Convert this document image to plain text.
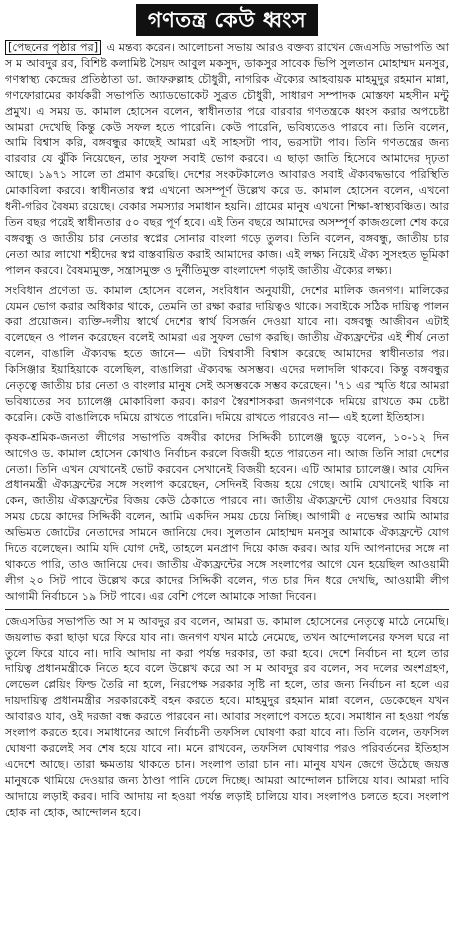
গণতন্ত্র কেউ ধ্বংস

[পেছনের পৃষ্ঠার পর] এ মন্তব্য করেন। আলোচনা সভায় আরও বক্তব্য রাখেন জেএসডি সভাপতি আ স ম আবদুর রব, বিশিষ্ট কলামিষ্ট সৈয়দ আবুল মকসুদ, ডাকসুর সাবেক ভিপি সুলতান মোহাম্মদ মনসুর, গণস্বাস্থ্য কেন্দ্রের প্রতিষ্ঠাতা ডা. জাফরুল্লাহ চৌধুরী, নাগরিক ঐক্যের আহবায়ক মাহমুদুর রহমান মান্না, গণফোরামের কার্যকরী সভাপতি অ্যাডভোকেট সুব্রত চৌধুরী, সাধারণ সম্পাদক মোস্তফা মহসীন মন্টু প্রমুখ। এ সময় ড. কামাল হোসেন বলেন, স্বাধীনতার পরে বারবার গণতন্ত্রকে ধ্বংস করার অপচেষ্টা আমরা দেখেছি কিন্তু কেউ সফল হতে পারেনি। কেউ পারেনি, ভবিষ্যতেও পারবে না। তিনি বলেন, আমি বিশ্বাস করি, বঙ্গবন্ধুর কাছেই আমরা এই সাহসটা পাব, ভরসাটা পাব। তিনি গণতন্ত্রের জন্য বারবার যে ঝুঁকি নিয়েছেন, তার সুফল সবাই ভোগ করবে। এ ছাড়া জাতি হিসেবে আমাদের দৃঢ়তা আছে। ১৯৭১ সালে তা প্রমাণ করেছি। দেশের সংকটকালেও আবারও সবাই ঐক্যবদ্ধভাবে পরিস্থিতি মোকাবিলা করবে। স্বাধীনতার স্বপ্ন এখনো অসম্পূর্ণ উল্লেখ করে ড. কামাল হোসেন বলেন, এখনো ধনী-গরিব বৈষম্য রয়েছে। বেকার সমস্যার সমাধান হয়নি। গ্রামের মানুষ এখনো শিক্ষা-স্বাস্থ্যবঞ্চিত। আর তিন বছর পরেই স্বাধীনতার ৫০ বছর পূর্ণ হবে। এই তিন বছরে আমাদের অসম্পূর্ণ কাজগুলো শেষ করে বঙ্গবন্ধু ও জাতীয় চার নেতার স্বপ্নের সোনার বাংলা গড়ে তুলব। তিনি বলেন, বঙ্গবন্ধু, জাতীয় চার নেতা আর লাখো শহীদের স্বপ্ন বাস্তবায়িত করাই আমাদের কাজ। এই লক্ষ্য নিয়েই ঐক্য সুসংহত ভূমিকা পালন করবে। বৈষম্যমুক্ত, সন্ত্রাসমুক্ত ও দুর্নীতিমুক্ত বাংলাদেশ গড়াই জাতীয় ঐক্যের লক্ষ্য।

সংবিধান প্রণেতা ড. কামাল হোসেন বলেন, সংবিধান অনুযায়ী, দেশের মালিক জনগণ। মালিকের যেমন ভোগ করার অধিকার থাকে, তেমনি তা রক্ষা করার দায়িত্বও থাকে। সবাইকে সঠিক দায়িত্ব পালন করা প্রয়োজন। ব্যক্তি-দলীয় স্বার্থে দেশের স্বার্থ বিসর্জন দেওয়া যাবে না। বঙ্গবন্ধু আজীবন এটাই বলেছেন ও পালন করেছেন বলেই আমরা এর সুফল ভোগ করছি। জাতীয় ঐক্যফ্রন্টের এই শীর্ষ নেতা বলেন, বাঙালি ঐক্যবদ্ধ হতে জানে— এটা বিশ্ববাসী বিশ্বাস করেছে আমাদের স্বাধীনতার পর। কিসিঞ্জার ইয়াহিয়াকে বলেছিল, বাঙালিরা ঐক্যবদ্ধ অসম্ভব। এদের দলাদলি থাকবে। কিন্তু বঙ্গবন্ধুর নেতৃত্বে জাতীয় চার নেতা ও বাংলার মানুষ সেই অসম্ভবকে সম্ভব করেছেন। '৭১ এর স্মৃতি ধরে আমরা ভবিষ্যতের সব চ্যালেঞ্জ মোকাবিলা করব। কারণ স্বৈরশাসকরা জনগণকে দমিয়ে রাখতে কম চেষ্টা করেনি। কেউ বাঙালিকে দমিয়ে রাখতে পারেনি। দমিয়ে রাখতে পারবেও না— এই হলো ইতিহাস।

কৃষক-শ্রমিক-জনতা লীগের সভাপতি বঙ্গবীর কাদের সিদ্দিকী চ্যালেঞ্জ ছুড়ে বলেন, ১০-১২ দিন আগেও ড. কামাল হোসেন কোথাও নির্বাচন করলে বিজয়ী হতে পারতেন না। আজ তিনি সারা দেশের নেতা। তিনি এখন যেখানেই ভোট করবেন সেখানেই বিজয়ী হবেন। এটি আমার চ্যালেঞ্জ। আর যেদিন প্রধানমন্ত্রী ঐক্যফ্রন্টের সঙ্গে সংলাপ করেছেন, সেদিনই বিজয় হয়ে গেছে। আমি যেখানেই থাকি না কেন, জাতীয় ঐক্যফ্রন্টের বিজয় কেউ ঠেকাতে পারবে না। জাতীয় ঐক্যফ্রন্টে যোগ দেওয়ার বিষয়ে সময় চেয়ে কাদের সিদ্দিকী বলেন, আমি একদিন সময় চেয়ে নিচ্ছি। আগামী ৫ নভেম্বর আমি আমার অভিমত জোটের নেতাদের সামনে জানিয়ে দেব। সুলতান মোহাম্মদ মনসুর আমাকে ঐক্যফ্রন্টে যোগ দিতে বলেছেন। আমি যদি যোগ দেই, তাহলে মনপ্রাণ দিয়ে কাজ করব। আর যদি আপনাদের সঙ্গে না থাকতে পারি, তাও জানিয়ে দেব। জাতীয় ঐক্যফ্রন্টের সঙ্গে সংলাপের আগে যেন হয়েছিল আওয়ামী লীগ ২০ সিট পাবে উল্লেখ করে কাদের সিদ্দিকী বলেন, গত চার দিন ধরে দেখছি, আওয়ামী লীগ আগামী নির্বাচনে ১৯ সিট পাবে। এর বেশি পেলে আমাকে সাজা দিবেন।

জেএসডির সভাপতি আ স ম আবদুর রব বলেন, আমরা ড. কামাল হোসেনের নেতৃত্বে মাঠে নেমেছি। জয়লাভ করা ছাড়া ঘরে ফিরে যাব না। জনগণ যখন মাঠে নেমেছে, তখন আন্দোলনের ফসল ঘরে না তুলে ফিরে যাবে না। দাবি আদায় না করা পর্যন্ত দরকার, তা করা হবে। দেশে নির্বাচন না হলে তার দায়িত্ব প্রধানমন্ত্রীকে নিতে হবে বলে উল্লেখ করে আ স ম আবদুর রব বলেন, সব দলের অংশগ্রহণ, লেভেল প্লেয়িং ফিল্ড তৈরি না হলে, নিরপেক্ষ সরকার সৃষ্টি না হলে, তার জন্য নির্বাচন না হলে এর দায়দায়িত্ব প্রধানমন্ত্রীর সরকারকেই বহন করতে হবে। মাহমুদুর রহমান মান্না বলেন, ডেকেছেন যখন আবারও যাব, ওই দরজা বন্ধ করতে পারবেন না। আবার সংলাপে বসতে হবে। সমাধান না হওয়া পর্যন্ত সংলাপ করতে হবে। সমাধানের আগে নির্বাচনী তফসিল ঘোষণা করা যাবে না। তিনি বলেন, তফসিল ঘোষণা করলেই সব শেষ হয়ে যাবে না। মনে রাখবেন, তফসিল ঘোষণার পরও পরিবর্তনের ইতিহাস এদেশে আছে। তারা ক্ষমতায় থাকতে চান। সংলাপ তারা চান না। মানুষ যখন জেগে উঠেছে জয়ত্ত মানুষকে থামিয়ে দেওয়ার জন্য ঠাণ্ডা পানি ঢেলে দিচ্ছে। আমরা আন্দোলন চালিয়ে যাব। আমরা দাবি আদায়ে লড়াই করব। দাবি আদায় না হওয়া পর্যন্ত লড়াই চালিয়ে যাব। সংলাপও চলতে হবে। সংলাপ হোক না হোক, আন্দোলন হবে।
